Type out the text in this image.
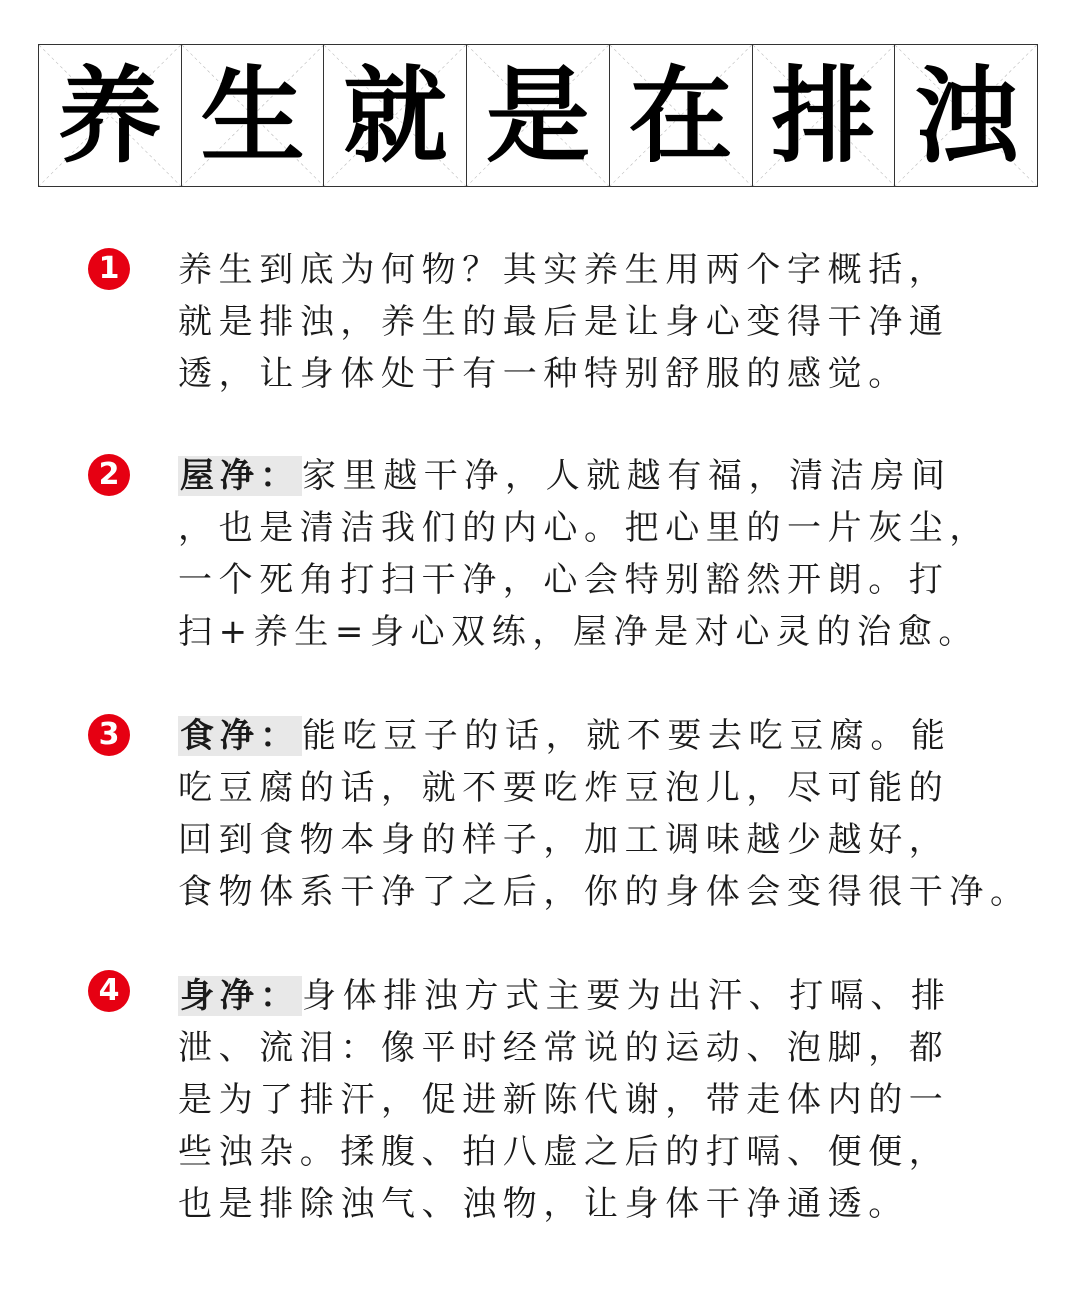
养 生 就 是 在 排 浊
1	养生到底为何物？其实养生用两个字概括，
就是排浊，养生的最后是让身心变得干净通
透，让身体处于有一种特别舒服的感觉。
2	屋净：家里越干净，人就越有福，清洁房间
，也是清洁我们的内心。把心里的一片灰尘，
一个死角打扫干净，心会特别豁然开朗。打
扫+养生=身心双练，屋净是对心灵的治愈。
3	食净：能吃豆子的话，就不要去吃豆腐。能
吃豆腐的话，就不要吃炸豆泡儿，尽可能的
回到食物本身的样子，加工调味越少越好，
食物体系干净了之后，你的身体会变得很干净。
4	身净：身体排浊方式主要为出汗、打嗝、排
泄、流泪：像平时经常说的运动、泡脚，都
是为了排汗，促进新陈代谢，带走体内的一
些浊杂。揉腹、拍八虚之后的打嗝、便便，
也是排除浊气、浊物，让身体干净通透。
